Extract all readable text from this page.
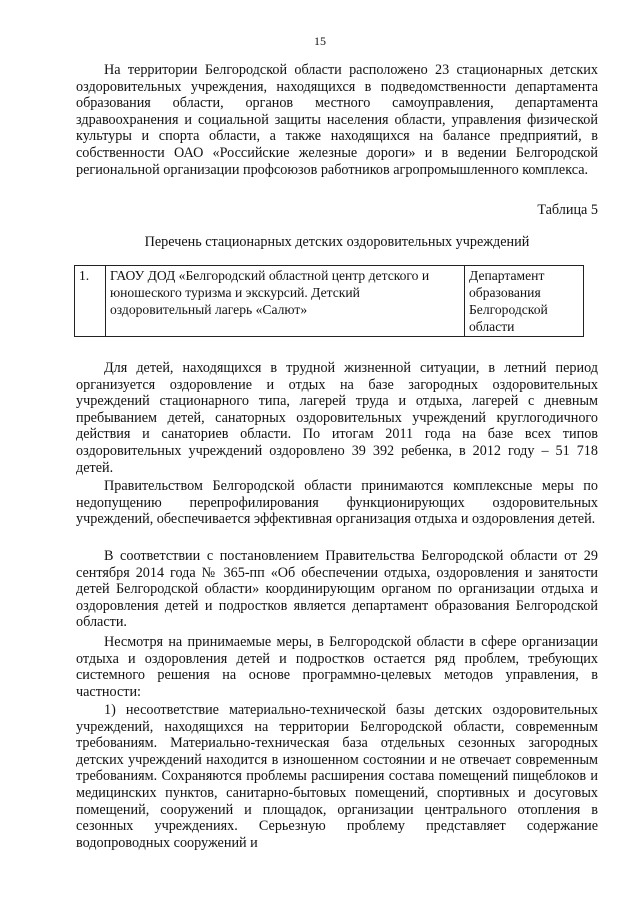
15

На территории Белгородской области расположено 23 стационарных детских оздоровительных учреждения, находящихся в подведомственности департамента образования области, органов местного самоуправления, департамента здравоохранения и социальной защиты населения области, управления физической культуры и спорта области, а также находящихся на балансе предприятий, в собственности ОАО «Российские железные дороги» и в ведении Белгородской региональной организации профсоюзов работников агропромышленного комплекса.

Таблица 5
Перечень стационарных детских оздоровительных учреждений
1.	ГАОУ ДОД «Белгородский областной центр детского и юношеского туризма и экскурсий. Детский оздоровительный лагерь «Салют»	Департамент образования Белгородской области

Для детей, находящихся в трудной жизненной ситуации, в летний период организуется оздоровление и отдых на базе загородных оздоровительных учреждений стационарного типа, лагерей труда и отдыха, лагерей с дневным пребыванием детей, санаторных оздоровительных учреждений круглогодичного действия и санаториев области. По итогам 2011 года на базе всех типов оздоровительных учреждений оздоровлено 39 392 ребенка, в 2012 году – 51 718 детей.

Правительством Белгородской области принимаются комплексные меры по недопущению перепрофилирования функционирующих оздоровительных учреждений, обеспечивается эффективная организация отдыха и оздоровления детей.

В соответствии с постановлением Правительства Белгородской области от 29 сентября 2014 года № 365-пп «Об обеспечении отдыха, оздоровления и занятости детей Белгородской области» координирующим органом по организации отдыха и оздоровления детей и подростков является департамент образования Белгородской области.

Несмотря на принимаемые меры, в Белгородской области в сфере организации отдыха и оздоровления детей и подростков остается ряд проблем, требующих системного решения на основе программно-целевых методов управления, в частности:

1) несоответствие материально-технической базы детских оздоровительных учреждений, находящихся на территории Белгородской области, современным требованиям. Материально-техническая база отдельных сезонных загородных детских учреждений находится в изношенном состоянии и не отвечает современным требованиям. Сохраняются проблемы расширения состава помещений пищеблоков и медицинских пунктов, санитарно-бытовых помещений, спортивных и досуговых помещений, сооружений и площадок, организации центрального отопления в сезонных учреждениях. Серьезную проблему представляет содержание водопроводных сооружений и
